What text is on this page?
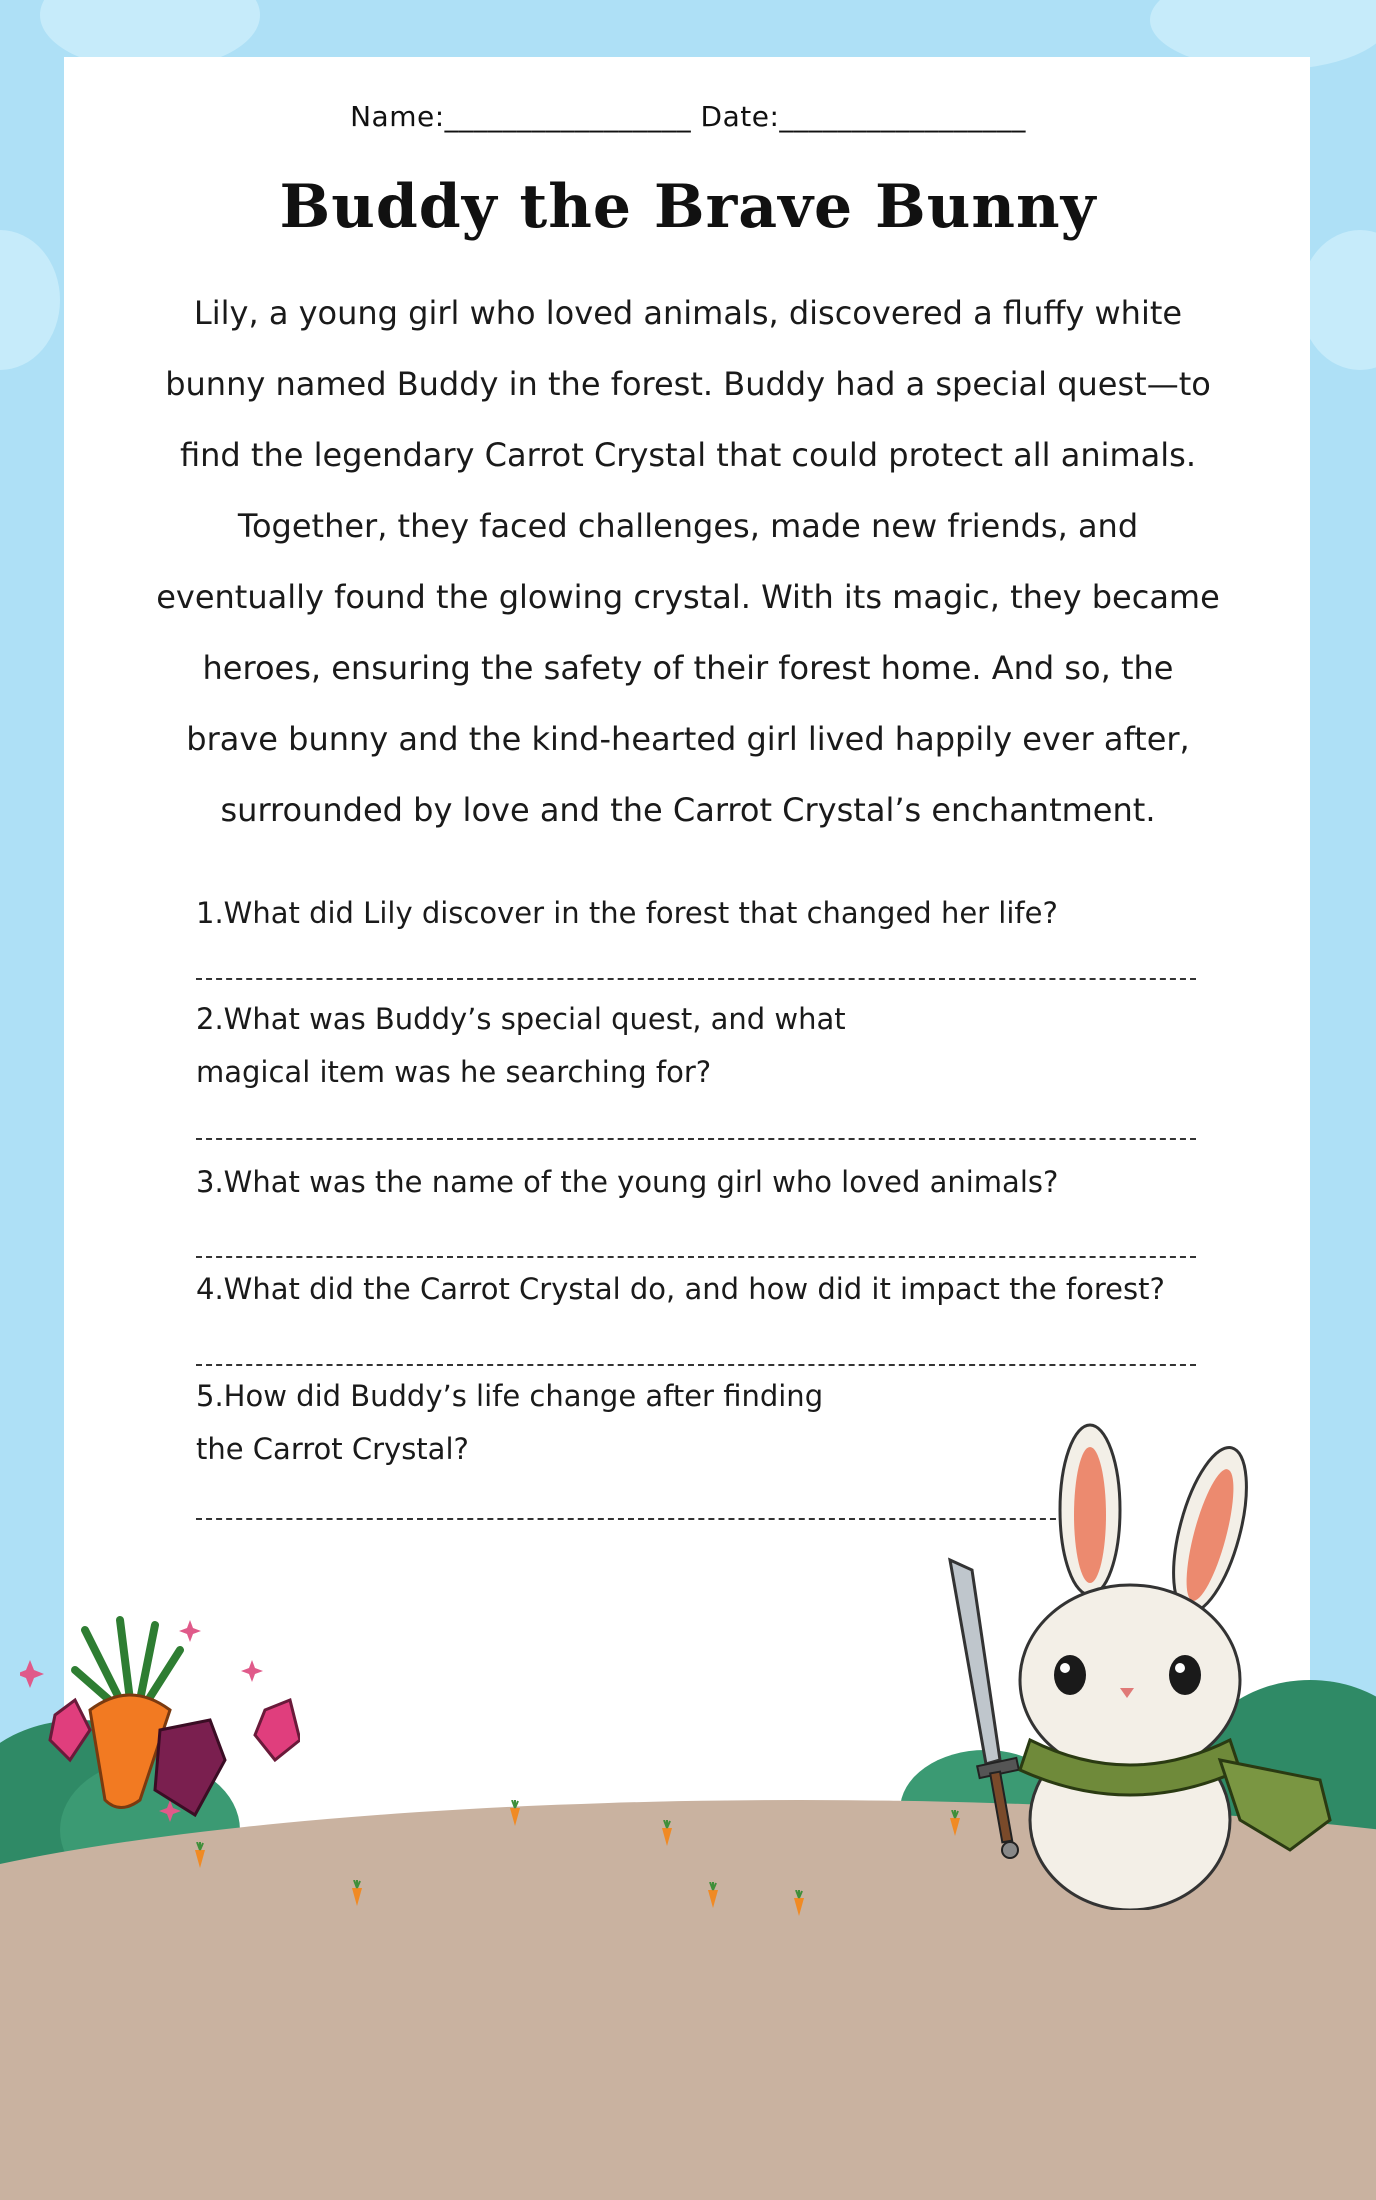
Name:_________________ Date:_________________
Buddy the Brave Bunny
Lily, a young girl who loved animals, discovered a fluffy white
bunny named Buddy in the forest. Buddy had a special quest—to
find the legendary Carrot Crystal that could protect all animals.
Together, they faced challenges, made new friends, and
eventually found the glowing crystal. With its magic, they became
heroes, ensuring the safety of their forest home. And so, the
brave bunny and the kind-hearted girl lived happily ever after,
surrounded by love and the Carrot Crystal’s enchantment.
1.What did Lily discover in the forest that changed her life?
2.What was Buddy’s special quest, and what
magical item was he searching for?
3.What was the name of the young girl who loved animals?
4.What did the Carrot Crystal do, and how did it impact the forest?
5.How did Buddy’s life change after finding
the Carrot Crystal?
